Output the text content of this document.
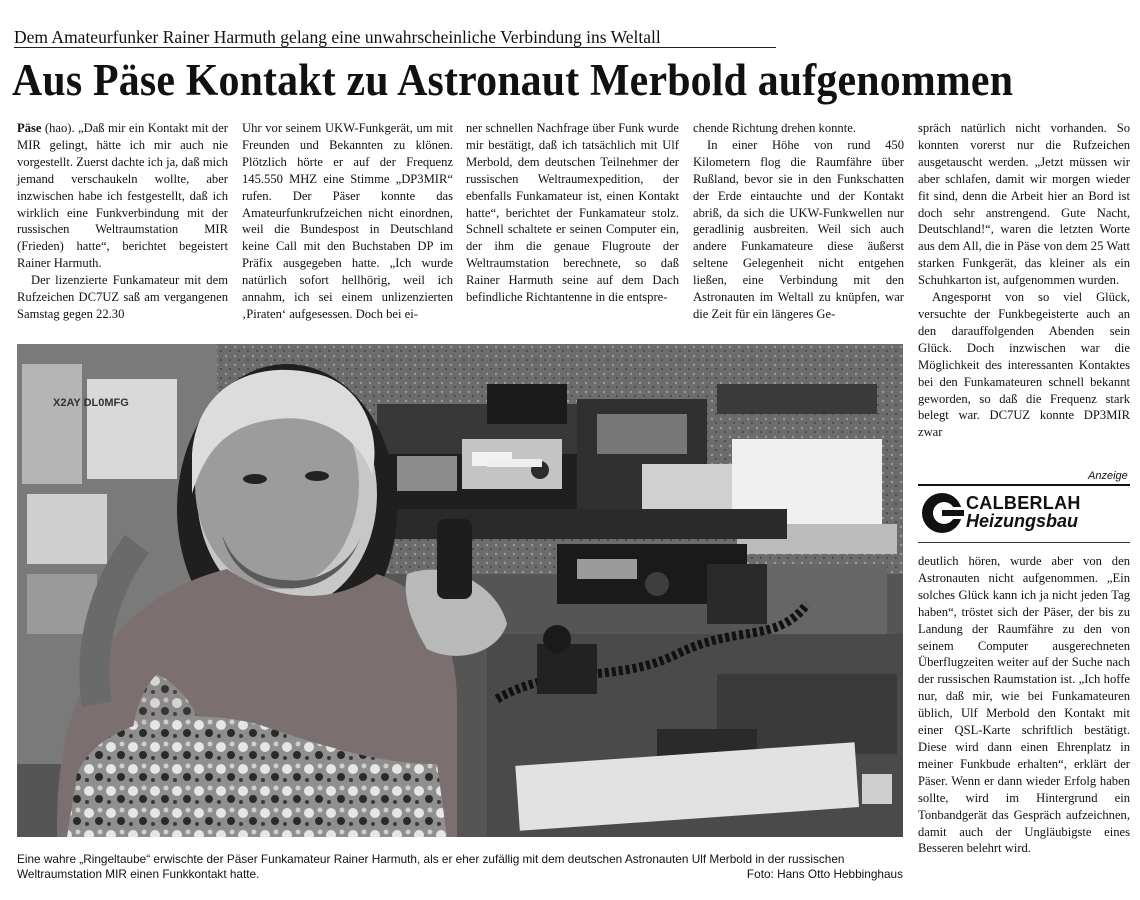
Dem Amateurfunker Rainer Harmuth gelang eine unwahrscheinliche Verbindung ins Weltall
Aus Päse Kontakt zu Astronaut Merbold aufgenommen

Päse (hao). „Daß mir ein Kontakt mit der MIR gelingt, hätte ich mir auch nie vorgestellt. Zuerst dachte ich ja, daß mich jemand verschaukeln wollte, aber inzwischen habe ich festgestellt, daß ich wirklich eine Funkverbindung mit der russischen Weltraumstation MIR (Frieden) hatte“, berichtet begeistert Rainer Harmuth.

Der lizenzierte Funkamateur mit dem Rufzeichen DC7UZ saß am vergangenen Samstag gegen 22.30

Uhr vor seinem UKW-Funkgerät, um mit Freunden und Bekannten zu klönen. Plötzlich hörte er auf der Frequenz 145.550 MHZ eine Stimme „DP3MIR“ rufen. Der Päser konnte das Amateurfunkrufzeichen nicht einordnen, weil die Bundespost in Deutschland keine Call mit den Buchstaben DP im Präfix ausgegeben hatte. „Ich wurde natürlich sofort hellhörig, weil ich annahm, ich sei einem unlizenzierten ‚Piraten‘ aufgesessen. Doch bei ei-

ner schnellen Nachfrage über Funk wurde mir bestätigt, daß ich tatsächlich mit Ulf Merbold, dem deutschen Teilnehmer der russischen Weltraumexpedition, der ebenfalls Funkamateur ist, einen Kontakt hatte“, berichtet der Funkamateur stolz. Schnell schaltete er seinen Computer ein, der ihm die genaue Flugroute der Weltraumstation berechnete, so daß Rainer Harmuth seine auf dem Dach befindliche Richtantenne in die entspre-

chende Richtung drehen konnte.

In einer Höhe von rund 450 Kilometern flog die Raumfähre über Rußland, bevor sie in den Funkschatten der Erde eintauchte und der Kontakt abriß, da sich die UKW-Funkwellen nur geradlinig ausbreiten. Weil sich auch andere Funkamateure diese äußerst seltene Gelegenheit nicht entgehen ließen, eine Verbindung mit den Astronauten im Weltall zu knüpfen, war die Zeit für ein längeres Ge-

spräch natürlich nicht vorhanden. So konnten vorerst nur die Rufzeichen ausgetauscht werden. „Jetzt müssen wir aber schlafen, damit wir morgen wieder fit sind, denn die Arbeit hier an Bord ist doch sehr anstrengend. Gute Nacht, Deutschland!“, waren die letzten Worte aus dem All, die in Päse von dem 25 Watt starken Funkgerät, das kleiner als ein Schuhkarton ist, aufgenommen wurden.

Angesporнt von so viel Glück, versuchte der Funkbegeisterte auch an den darauffolgenden Abenden sein Glück. Doch inzwischen war die Möglichkeit des interessanten Kontaktes bei den Funkamateuren schnell bekannt geworden, so daß die Frequenz stark belegt war. DC7UZ konnte DP3MIR zwar

Anzeige
CALBERLAH
Heizungsbau

deutlich hören, wurde aber von den Astronauten nicht aufgenommen. „Ein solches Glück kann ich ja nicht jeden Tag haben“, tröstet sich der Päser, der bis zu Landung der Raumfähre zu den von seinem Computer ausgerechneten Überflugzeiten weiter auf der Suche nach der russischen Raumstation ist. „Ich hoffe nur, daß mir, wie bei Funkamateuren üblich, Ulf Merbold den Kontakt mit einer QSL-Karte schriftlich bestätigt. Diese wird dann einen Ehrenplatz in meiner Funkbude erhalten“, erklärt der Päser. Wenn er dann wieder Erfolg haben sollte, wird im Hintergrund ein Tonbandgerät das Gespräch aufzeichnen, damit auch der Ungläubigste eines Besseren belehrt wird.

X2AY DL0MFG
Eine wahre „Ringeltaube“ erwischte der Päser Funkamateur Rainer Harmuth, als er eher zufällig mit dem deutschen Astronauten Ulf Merbold in der russischen Weltraumstation MIR einen Funkkontakt hatte.	Foto: Hans Otto Hebbinghaus
